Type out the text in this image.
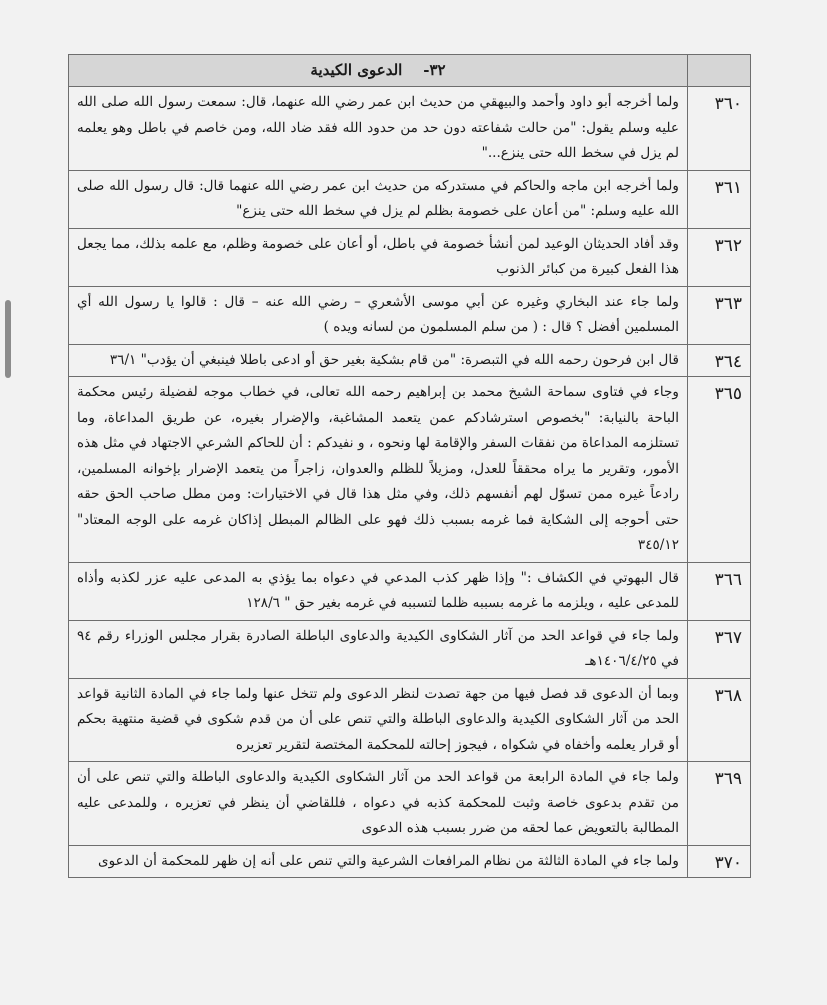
	٣٢-    الدعوى الكيدية
٣٦٠	ولما أخرجه أبو داود وأحمد والبيهقي من حديث ابن عمر رضي الله عنهما، قال: سمعت رسول الله صلى الله عليه وسلم يقول: "من حالت شفاعته دون حد من حدود الله فقد ضاد الله، ومن خاصم في باطل وهو يعلمه لم يزل في سخط الله حتى ينزع..."
٣٦١	ولما أخرجه ابن ماجه والحاكم في مستدركه من حديث ابن عمر رضي الله عنهما قال: قال رسول الله صلى الله عليه وسلم: "من أعان على خصومة بظلم لم يزل في سخط الله حتى ينزع"
٣٦٢	وقد أفاد الحديثان الوعيد لمن أنشأ خصومة في باطل، أو أعان على خصومة وظلم، مع علمه بذلك، مما يجعل هذا الفعل كبيرة من كبائر الذنوب
٣٦٣	ولما جاء عند البخاري وغيره عن أبي موسى الأشعري – رضي الله عنه – قال : قالوا يا رسول الله أي المسلمين أفضل ؟ قال : ( من سلم المسلمون من لسانه ويده )
٣٦٤	قال ابن فرحون رحمه الله في التبصرة: "من قام بشكية بغير حق أو ادعى باطلا فينبغي أن يؤدب" ٣٦/١
٣٦٥	وجاء في فتاوى سماحة الشيخ محمد بن إبراهيم رحمه الله تعالى، في خطاب موجه لفضيلة رئيس محكمة الباحة بالنيابة: "بخصوص استرشادكم عمن يتعمد المشاغبة، والإضرار بغيره، عن طريق المداعاة، وما تستلزمه المداعاة من نفقات السفر والإقامة لها ونحوه ، و نفيدكم : أن للحاكم الشرعي الاجتهاد في مثل هذه الأمور، وتقرير ما يراه محققاً للعدل، ومزيلاً للظلم والعدوان، زاجراً من يتعمد الإضرار بإخوانه المسلمين، رادعاً غيره ممن تسوّل لهم أنفسهم ذلك، وفي مثل هذا قال في الاختيارات: ومن مطل صاحب الحق حقه حتى أحوجه إلى الشكاية فما غرمه بسبب ذلك فهو على الظالم المبطل إذاكان غرمه على الوجه المعتاد" ٣٤٥/١٢
٣٦٦	قال البهوتي في الكشاف :" وإذا ظهر كذب المدعي في دعواه بما يؤذي به المدعى عليه عزر لكذبه وأذاه للمدعى عليه ، ويلزمه ما غرمه بسببه ظلما لتسببه في غرمه بغير حق " ١٢٨/٦
٣٦٧	ولما جاء في قواعد الحد من آثار الشكاوى الكيدية والدعاوى الباطلة الصادرة بقرار مجلس الوزراء رقم ٩٤ في ١٤٠٦/٤/٢٥هـ
٣٦٨	وبما أن الدعوى قد فصل فيها من جهة تصدت لنظر الدعوى ولم تتخل عنها ولما جاء في المادة الثانية قواعد الحد من آثار الشكاوى الكيدية والدعاوى الباطلة والتي تنص على أن من قدم شكوى في قضية منتهية بحكم أو قرار يعلمه وأخفاه في شكواه ، فيجوز إحالته للمحكمة المختصة لتقرير تعزيره
٣٦٩	ولما جاء في المادة الرابعة من قواعد الحد من آثار الشكاوى الكيدية والدعاوى الباطلة والتي تنص على أن من تقدم بدعوى خاصة وثبت للمحكمة كذبه في دعواه ، فللقاضي أن ينظر في تعزيره ، وللمدعى عليه المطالبة بالتعويض عما لحقه من ضرر بسبب هذه الدعوى
٣٧٠	ولما جاء في المادة الثالثة من نظام المرافعات الشرعية والتي تنص على أنه إن ظهر للمحكمة أن الدعوى
